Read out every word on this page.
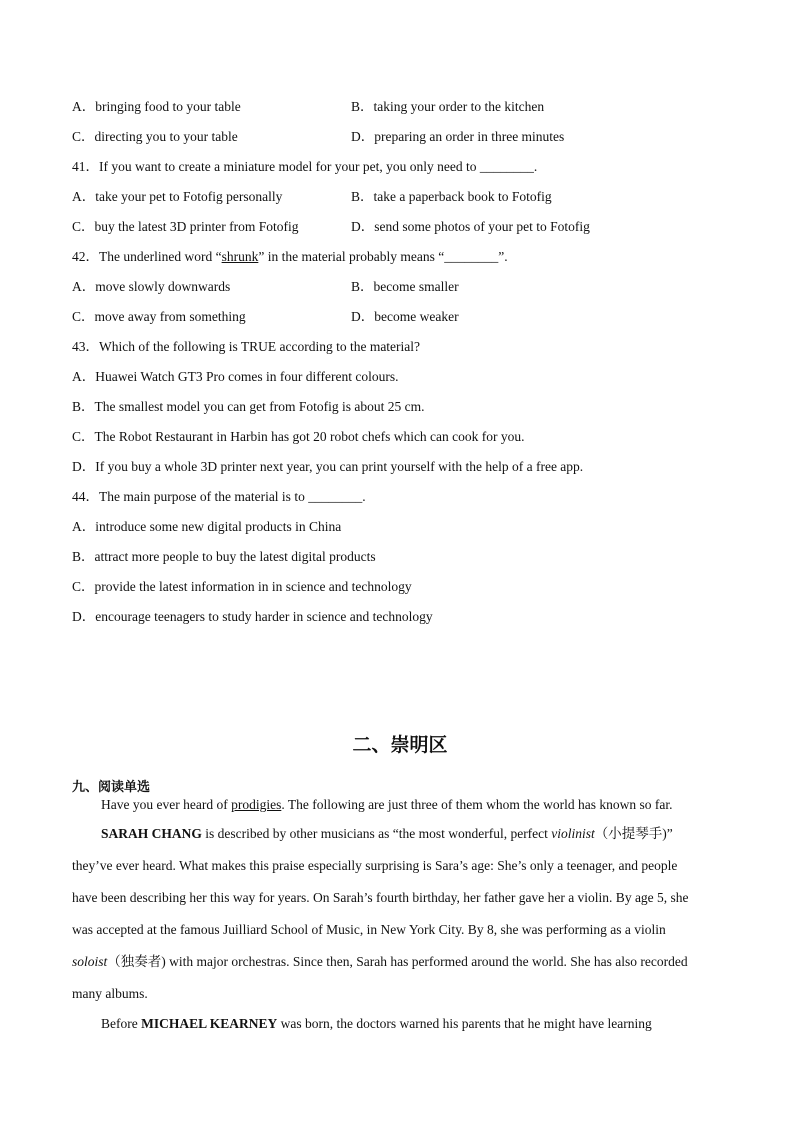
A．bringing food to your table	B．taking your order to the kitchen
C．directing you to your table	D．preparing an order in three minutes
41．If you want to create a miniature model for your pet, you only need to ________.
A．take your pet to Fotofig personally	B．take a paperback book to Fotofig
C．buy the latest 3D printer from Fotofig	D．send some photos of your pet to Fotofig
42．The underlined word “shrunk” in the material probably means “________”.
A．move slowly downwards	B．become smaller
C．move away from something	D．become weaker
43．Which of the following is TRUE according to the material?
A．Huawei Watch GT3 Pro comes in four different colours.
B．The smallest model you can get from Fotofig is about 25 cm.
C．The Robot Restaurant in Harbin has got 20 robot chefs which can cook for you.
D．If you buy a whole 3D printer next year, you can print yourself with the help of a free app.
44．The main purpose of the material is to ________.
A．introduce some new digital products in China
B．attract more people to buy the latest digital products
C．provide the latest information in in science and technology
D．encourage teenagers to study harder in science and technology
二、崇明区
九、阅读单选
Have you ever heard of prodigies. The following are just three of them whom the world has known so far.
SARAH CHANG is described by other musicians as “the most wonderful, perfect violinist（小提琴手)”
they’ve ever heard. What makes this praise especially surprising is Sara’s age: She’s only a teenager, and people
have been describing her this way for years. On Sarah’s fourth birthday, her father gave her a violin. By age 5, she
was accepted at the famous Juilliard School of Music, in New York City. By 8, she was performing as a violin
soloist（独奏者) with major orchestras. Since then, Sarah has performed around the world. She has also recorded
many albums.
Before MICHAEL KEARNEY was born, the doctors warned his parents that he might have learning
